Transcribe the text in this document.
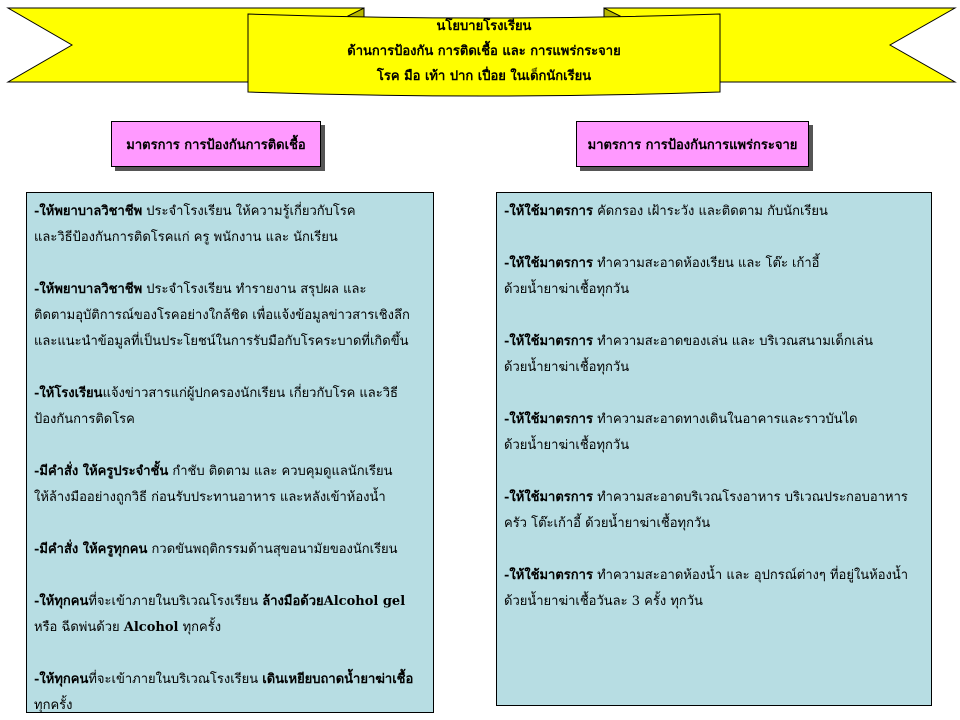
นโยบายโรงเรียน
ด้านการป้องกัน การติดเชื้อ และ การแพร่กระจาย
โรค มือ เท้า ปาก เปื่อย ในเด็กนักเรียน
มาตรการ การป้องกันการติดเชื้อ	มาตรการ การป้องกันการแพร่กระจาย
-ให้พยาบาลวิชาชีพ ประจำโรงเรียน ให้ความรู้เกี่ยวกับโรค
และวิธีป้องกันการติดโรคแก่ ครู พนักงาน และ นักเรียน
-ให้พยาบาลวิชาชีพ ประจำโรงเรียน ทำรายงาน สรุปผล และ
ติดตามอุบัติการณ์ของโรคอย่างใกล้ชิด เพื่อแจ้งข้อมูลข่าวสารเชิงลึก
และแนะนำข้อมูลที่เป็นประโยชน์ในการรับมือกับโรคระบาดที่เกิดขึ้น
-ให้โรงเรียนแจ้งข่าวสารแก่ผู้ปกครองนักเรียน เกี่ยวกับโรค และวิธี
ป้องกันการติดโรค
-มีคำสั่ง ให้ครูประจำชั้น กำชับ ติดตาม และ ควบคุมดูแลนักเรียน
ให้ล้างมืออย่างถูกวิธี ก่อนรับประทานอาหาร และหลังเข้าห้องน้ำ
-มีคำสั่ง ให้ครูทุกคน กวดขันพฤติกรรมด้านสุขอนามัยของนักเรียน
-ให้ทุกคนที่จะเข้าภายในบริเวณโรงเรียน ล้างมือด้วยAlcohol gel
หรือ ฉีดพ่นด้วย Alcohol ทุกครั้ง
-ให้ทุกคนที่จะเข้าภายในบริเวณโรงเรียน เดินเหยียบถาดน้ำยาฆ่าเชื้อ
ทุกครั้ง
-ให้ใช้มาตรการ คัดกรอง เฝ้าระวัง และติดตาม กับนักเรียน
-ให้ใช้มาตรการ ทำความสะอาดห้องเรียน และ โต๊ะ เก้าอี้
ด้วยน้ำยาฆ่าเชื้อทุกวัน
-ให้ใช้มาตรการ ทำความสะอาดของเล่น และ บริเวณสนามเด็กเล่น
ด้วยน้ำยาฆ่าเชื้อทุกวัน
-ให้ใช้มาตรการ ทำความสะอาดทางเดินในอาคารและราวบันได
ด้วยน้ำยาฆ่าเชื้อทุกวัน
-ให้ใช้มาตรการ ทำความสะอาดบริเวณโรงอาหาร บริเวณประกอบอาหาร
ครัว โต๊ะเก้าอี้ ด้วยน้ำยาฆ่าเชื้อทุกวัน
-ให้ใช้มาตรการ ทำความสะอาดห้องน้ำ และ อุปกรณ์ต่างๆ ที่อยู่ในห้องน้ำ
ด้วยน้ำยาฆ่าเชื้อวันละ 3 ครั้ง ทุกวัน
